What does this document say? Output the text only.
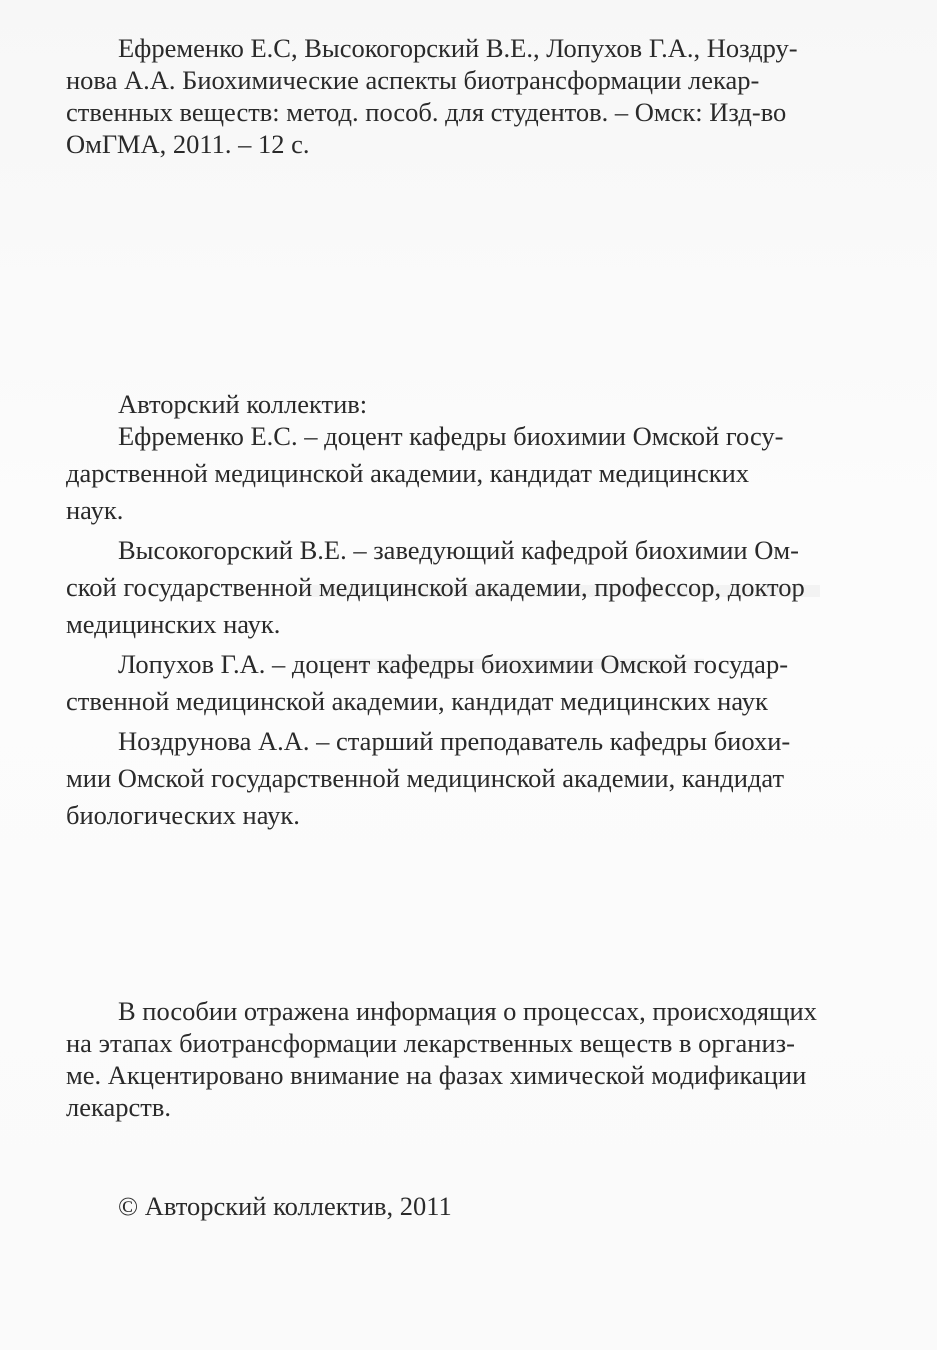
Ефременко Е.С, Высокогорский В.Е., Лопухов Г.А., Ноздру-

нова А.А. Биохимические аспекты биотрансформации лекар-

ственных веществ: метод. пособ. для студентов. – Омск: Изд-во

ОмГМА, 2011. – 12 с.

Авторский коллектив:

Ефременко Е.С. – доцент кафедры биохимии Омской госу-

дарственной медицинской академии, кандидат медицинских

наук.

Высокогорский В.Е. – заведующий кафедрой биохимии Ом-

ской государственной медицинской академии, профессор, доктор

медицинских наук.

Лопухов Г.А. – доцент кафедры биохимии Омской государ-

ственной медицинской академии, кандидат медицинских наук

Ноздрунова А.А. – старший преподаватель кафедры биохи-

мии Омской государственной медицинской академии, кандидат

биологических наук.

В пособии отражена информация о процессах, происходящих

на этапах биотрансформации лекарственных веществ в организ-

ме. Акцентировано внимание на фазах химической модификации

лекарств.

© Авторский коллектив, 2011
